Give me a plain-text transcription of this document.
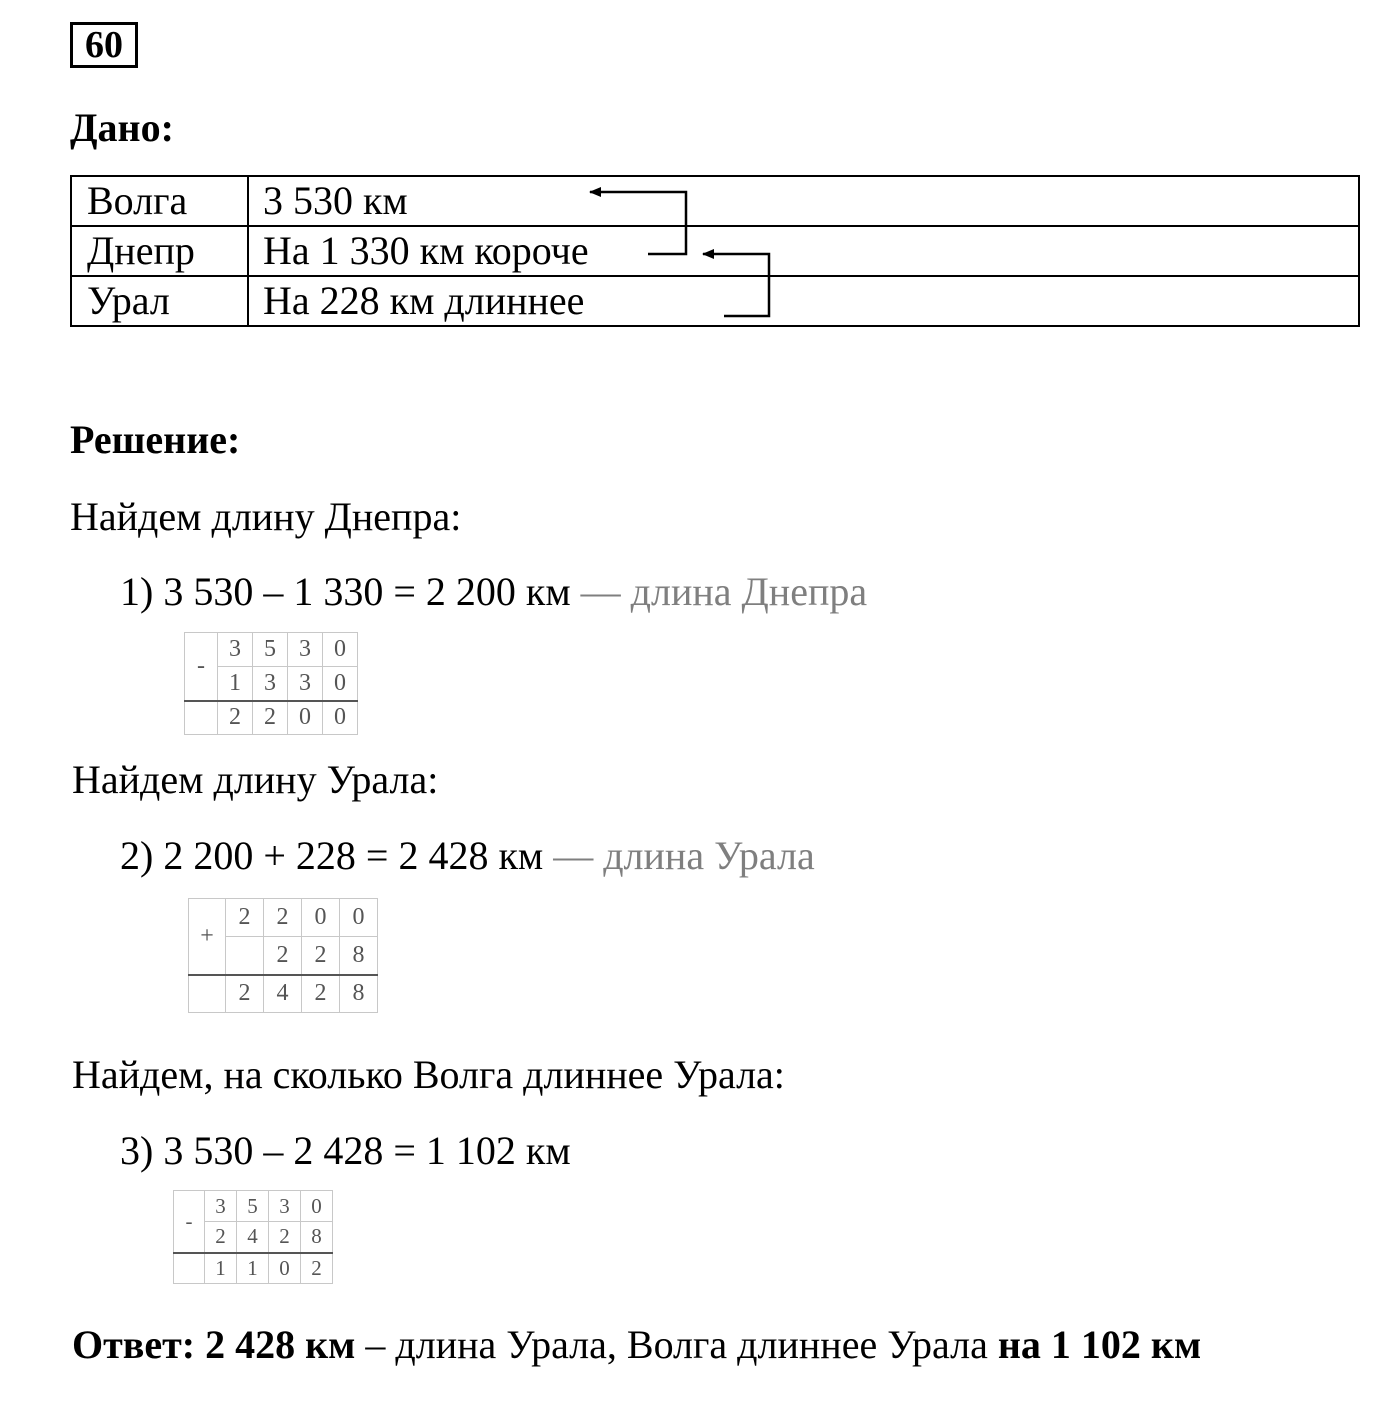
60
Дано:
Волга	3 530 км
Днепр	На 1 330 км короче
Урал	На 228 км длиннее
Решение:
Найдем длину Днепра:
1) 3 530 – 1 330 = 2 200 км — длина Днепра
-	3	5	3	0
	1	3	3	0
	2	2	0	0
Найдем длину Урала:
2) 2 200 + 228 = 2 428 км — длина Урала
+	2	2	0	0
		2	2	8
	2	4	2	8
Найдем, на сколько Волга длиннее Урала:
3) 3 530 – 2 428 = 1 102 км
-	3	5	3	0
	2	4	2	8
	1	1	0	2
Ответ: 2 428 км – длина Урала, Волга длиннее Урала на 1 102 км
